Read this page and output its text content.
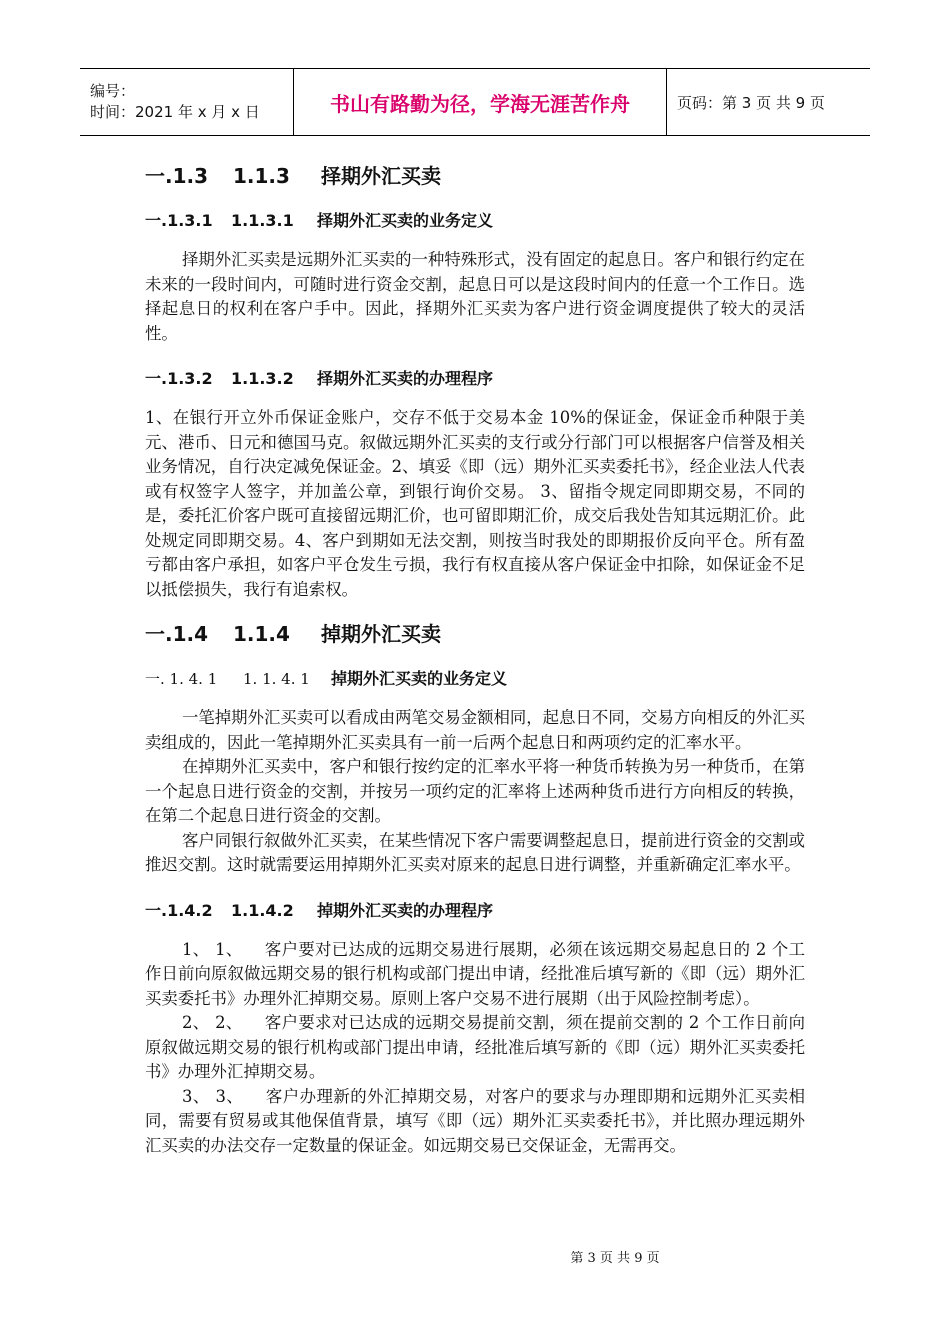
编号：
时间：2021 年 x 月 x 日	书山有路勤为径，学海无涯苦作舟	页码：第 3 页 共 9 页
一.1.3 1.1.3 择期外汇买卖
一.1.3.1 1.1.3.1 择期外汇买卖的业务定义

择期外汇买卖是远期外汇买卖的一种特殊形式，没有固定的起息日。客户和银行约定在未来的一段时间内，可随时进行资金交割，起息日可以是这段时间内的任意一个工作日。选择起息日的权利在客户手中。因此，择期外汇买卖为客户进行资金调度提供了较大的灵活性。

一.1.3.2 1.1.3.2 择期外汇买卖的办理程序

1、在银行开立外币保证金账户，交存不低于交易本金 10%的保证金，保证金币种限于美元、港币、日元和德国马克。叙做远期外汇买卖的支行或分行部门可以根据客户信誉及相关业务情况，自行决定减免保证金。2、填妥《即（远）期外汇买卖委托书》，经企业法人代表或有权签字人签字，并加盖公章，到银行询价交易。 3、留指令规定同即期交易，不同的是，委托汇价客户既可直接留远期汇价，也可留即期汇价，成交后我处告知其远期汇价。此处规定同即期交易。4、客户到期如无法交割，则按当时我处的即期报价反向平仓。所有盈亏都由客户承担，如客户平仓发生亏损，我行有权直接从客户保证金中扣除，如保证金不足以抵偿损失，我行有追索权。

一.1.4 1.1.4 掉期外汇买卖
一. 1. 4. 1 1. 1. 4. 1 掉期外汇买卖的业务定义

一笔掉期外汇买卖可以看成由两笔交易金额相同，起息日不同，交易方向相反的外汇买卖组成的，因此一笔掉期外汇买卖具有一前一后两个起息日和两项约定的汇率水平。

在掉期外汇买卖中，客户和银行按约定的汇率水平将一种货币转换为另一种货币，在第一个起息日进行资金的交割，并按另一项约定的汇率将上述两种货币进行方向相反的转换，在第二个起息日进行资金的交割。

客户同银行叙做外汇买卖，在某些情况下客户需要调整起息日，提前进行资金的交割或推迟交割。这时就需要运用掉期外汇买卖对原来的起息日进行调整，并重新确定汇率水平。

一.1.4.2 1.1.4.2 掉期外汇买卖的办理程序

1、 1、    客户要对已达成的远期交易进行展期，必须在该远期交易起息日的 2 个工作日前向原叙做远期交易的银行机构或部门提出申请，经批准后填写新的《即（远）期外汇买卖委托书》办理外汇掉期交易。原则上客户交易不进行展期（出于风险控制考虑）。

2、 2、    客户要求对已达成的远期交易提前交割，须在提前交割的 2 个工作日前向原叙做远期交易的银行机构或部门提出申请，经批准后填写新的《即（远）期外汇买卖委托书》办理外汇掉期交易。

3、 3、    客户办理新的外汇掉期交易，对客户的要求与办理即期和远期外汇买卖相同，需要有贸易或其他保值背景，填写《即（远）期外汇买卖委托书》，并比照办理远期外汇买卖的办法交存一定数量的保证金。如远期交易已交保证金，无需再交。

第 3 页 共 9 页
